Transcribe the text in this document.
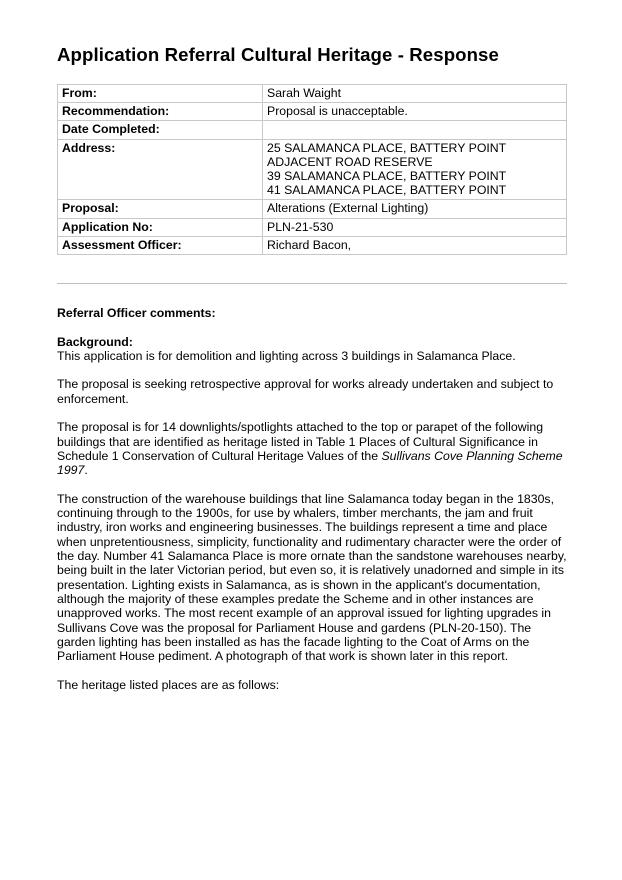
Application Referral Cultural Heritage - Response
From:	Sarah Waight
Recommendation:	Proposal is unacceptable.
Date Completed:	
Address:	25 SALAMANCA PLACE, BATTERY POINT
ADJACENT ROAD RESERVE
39 SALAMANCA PLACE, BATTERY POINT
41 SALAMANCA PLACE, BATTERY POINT

Proposal:	Alterations (External Lighting)
Application No:	PLN-21-530
Assessment Officer:	Richard Bacon,

Referral Officer comments:

Background:

This application is for demolition and lighting across 3 buildings in Salamanca Place.

The proposal is seeking retrospective approval for works already undertaken and subject to enforcement.

The proposal is for 14 downlights/spotlights attached to the top or parapet of the following buildings that are identified as heritage listed in Table 1 Places of Cultural Significance in Schedule 1 Conservation of Cultural Heritage Values of the Sullivans Cove Planning Scheme 1997.

The construction of the warehouse buildings that line Salamanca today began in the 1830s, continuing through to the 1900s, for use by whalers, timber merchants, the jam and fruit industry, iron works and engineering businesses. The buildings represent a time and place when unpretentiousness, simplicity, functionality and rudimentary character were the order of the day. Number 41 Salamanca Place is more ornate than the sandstone warehouses nearby, being built in the later Victorian period, but even so, it is relatively unadorned and simple in its presentation. Lighting exists in Salamanca, as is shown in the applicant's documentation, although the majority of these examples predate the Scheme and in other instances are unapproved works. The most recent example of an approval issued for lighting upgrades in Sullivans Cove was the proposal for Parliament House and gardens (PLN-20-150). The garden lighting has been installed as has the facade lighting to the Coat of Arms on the Parliament House pediment. A photograph of that work is shown later in this report.

The heritage listed places are as follows:
